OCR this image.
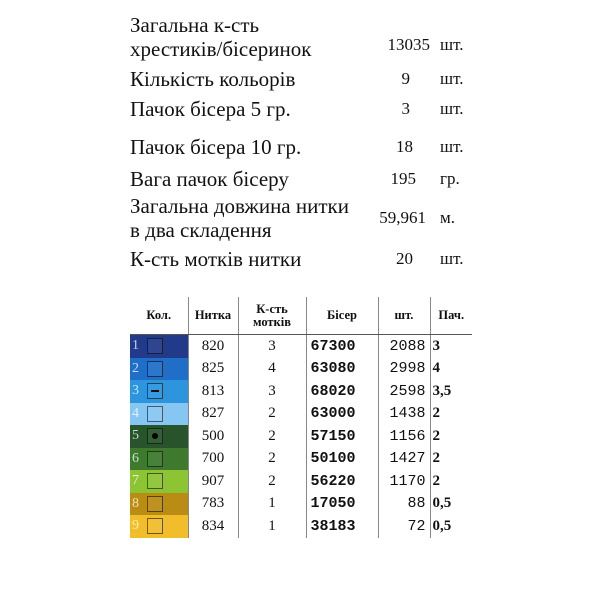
Загальна к-сть
хрестиків/бісеринок	13035 шт.
Кількість кольорів	9 шт.
Пачок бісера 5 гр.	3 шт.
Пачок бісера 10 гр.	18 шт.
Вага пачок бісеру	195 гр.
Загальна довжина нитки
в два складення
59,961 м.
К-сть мотків нитки	20 шт.
Кол.	Нитка	К-сть мотків	Бісер	шт.	Пач.

1	820	3	67300	2088	3

2	825	4	63080	2998	4

3	813	3	68020	2598	3,5

4	827	2	63000	1438	2

5	500	2	57150	1156	2

6	700	2	50100	1427	2

7	907	2	56220	1170	2

8	783	1	17050	88	0,5

9	834	1	38183	72	0,5
